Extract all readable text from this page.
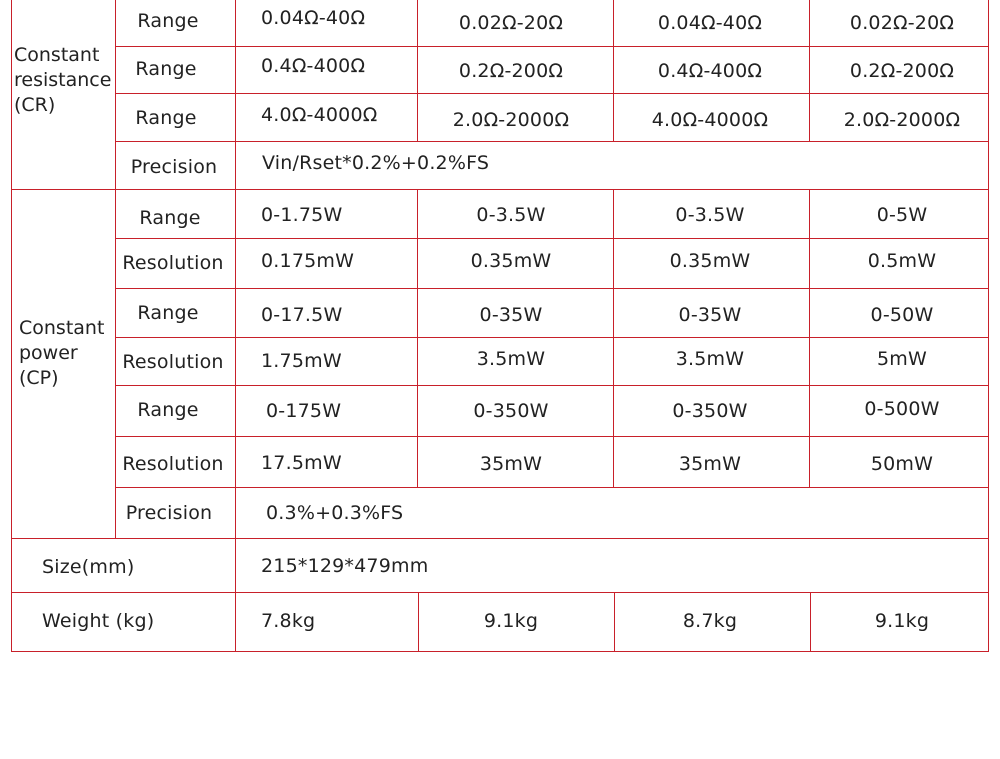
Constant
resistance
(CR)
Range	0.04Ω-40Ω	0.02Ω-20Ω	0.04Ω-40Ω	0.02Ω-20Ω
Range	0.4Ω-400Ω	0.2Ω-200Ω	0.4Ω-400Ω	0.2Ω-200Ω
Range	4.0Ω-4000Ω	2.0Ω-2000Ω	4.0Ω-4000Ω	2.0Ω-2000Ω
Precision Vin/Rset*0.2%+0.2%FS
Constant
power
(CP)
Range	0-1.75W	0-3.5W	0-3.5W	0-5W
Resolution 0.175mW	0.35mW	0.35mW	0.5mW
Range	0-17.5W	0-35W	0-35W	0-50W
Resolution 1.75mW	3.5mW	3.5mW	5mW
Range	0-175W	0-350W	0-350W	0-500W
Resolution 17.5mW	35mW	35mW	50mW
Precision	0.3%+0.3%FS
Size(mm)	215*129*479mm
Weight (kg)	7.8kg	9.1kg	8.7kg	9.1kg
